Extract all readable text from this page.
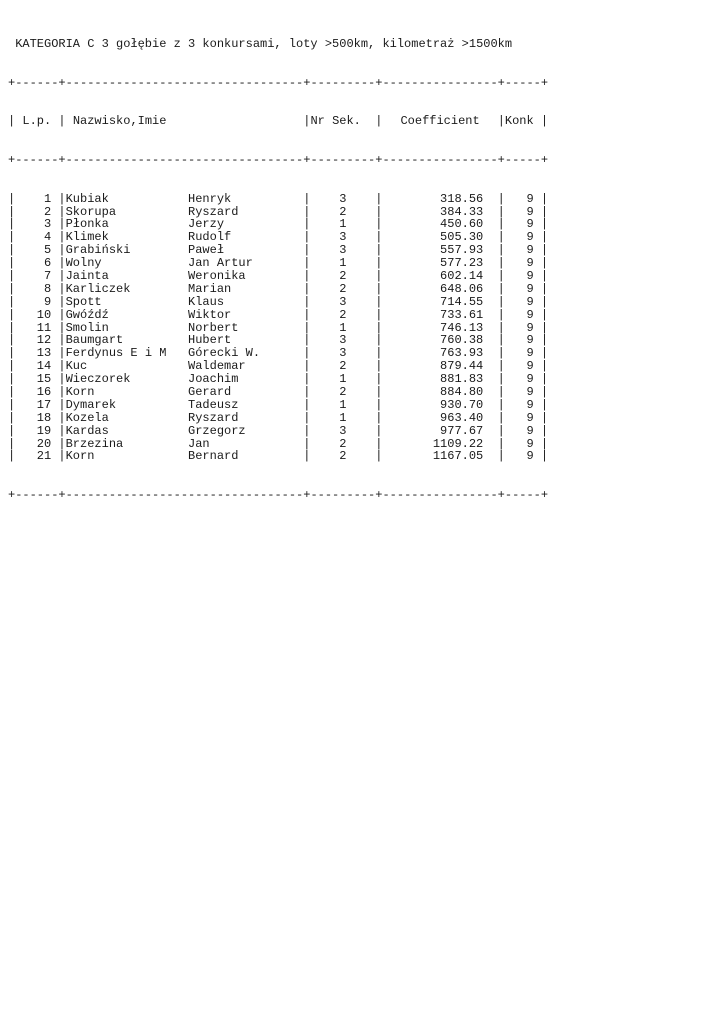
KATEGORIA C 3 gołębie z 3 konkursami, loty >500km, kilometraż >1500km

+------+---------------------------------+---------+----------------+-----+

| L.p. | Nazwisko,Imie	|Nr Sek. | Coefficient |Konk |

+------+---------------------------------+---------+----------------+-----+

| 1 |Kubiak	Henryk	| 3 |	318.56  | 9 |
| 2 |Skorupa	Ryszard	| 2 |	384.33  | 9 |
| 3 |Płonka	Jerzy	| 1 |	450.60  | 9 |
| 4 |Klimek	Rudolf	| 3 |	505.30  | 9 |
| 5 |Grabiński	Paweł	| 3 |	557.93  | 9 |
| 6 |Wolny	Jan Artur	| 1 |	577.23  | 9 |
| 7 |Jainta	Weronika	| 2 |	602.14  | 9 |
| 8 |Karliczek	Marian	| 2 |	648.06  | 9 |
| 9 |Spott	Klaus	| 3 |	714.55  | 9 |
| 10 |Gwóźdź	Wiktor	| 2 |	733.61  | 9 |
| 11 |Smolin	Norbert	| 1 |	746.13  | 9 |
| 12 |Baumgart	Hubert	| 3 |	760.38  | 9 |
| 13 |Ferdynus E i M Górecki W.	| 3 |	763.93  | 9 |
| 14 |Kuc	Waldemar	| 2 |	879.44  | 9 |
| 15 |Wieczorek	Joachim	| 1 |	881.83  | 9 |
| 16 |Korn	Gerard	| 2 |	884.80  | 9 |
| 17 |Dymarek	Tadeusz	| 1 |	930.70  | 9 |
| 18 |Kozela	Ryszard	| 1 |	963.40  | 9 |
| 19 |Kardas	Grzegorz	| 3 |	977.67  | 9 |
| 20 |Brzezina	Jan	| 2 |	1109.22  | 9 |
| 21 |Korn	Bernard	| 2 |	1167.05  | 9 |

+------+---------------------------------+---------+----------------+-----+
